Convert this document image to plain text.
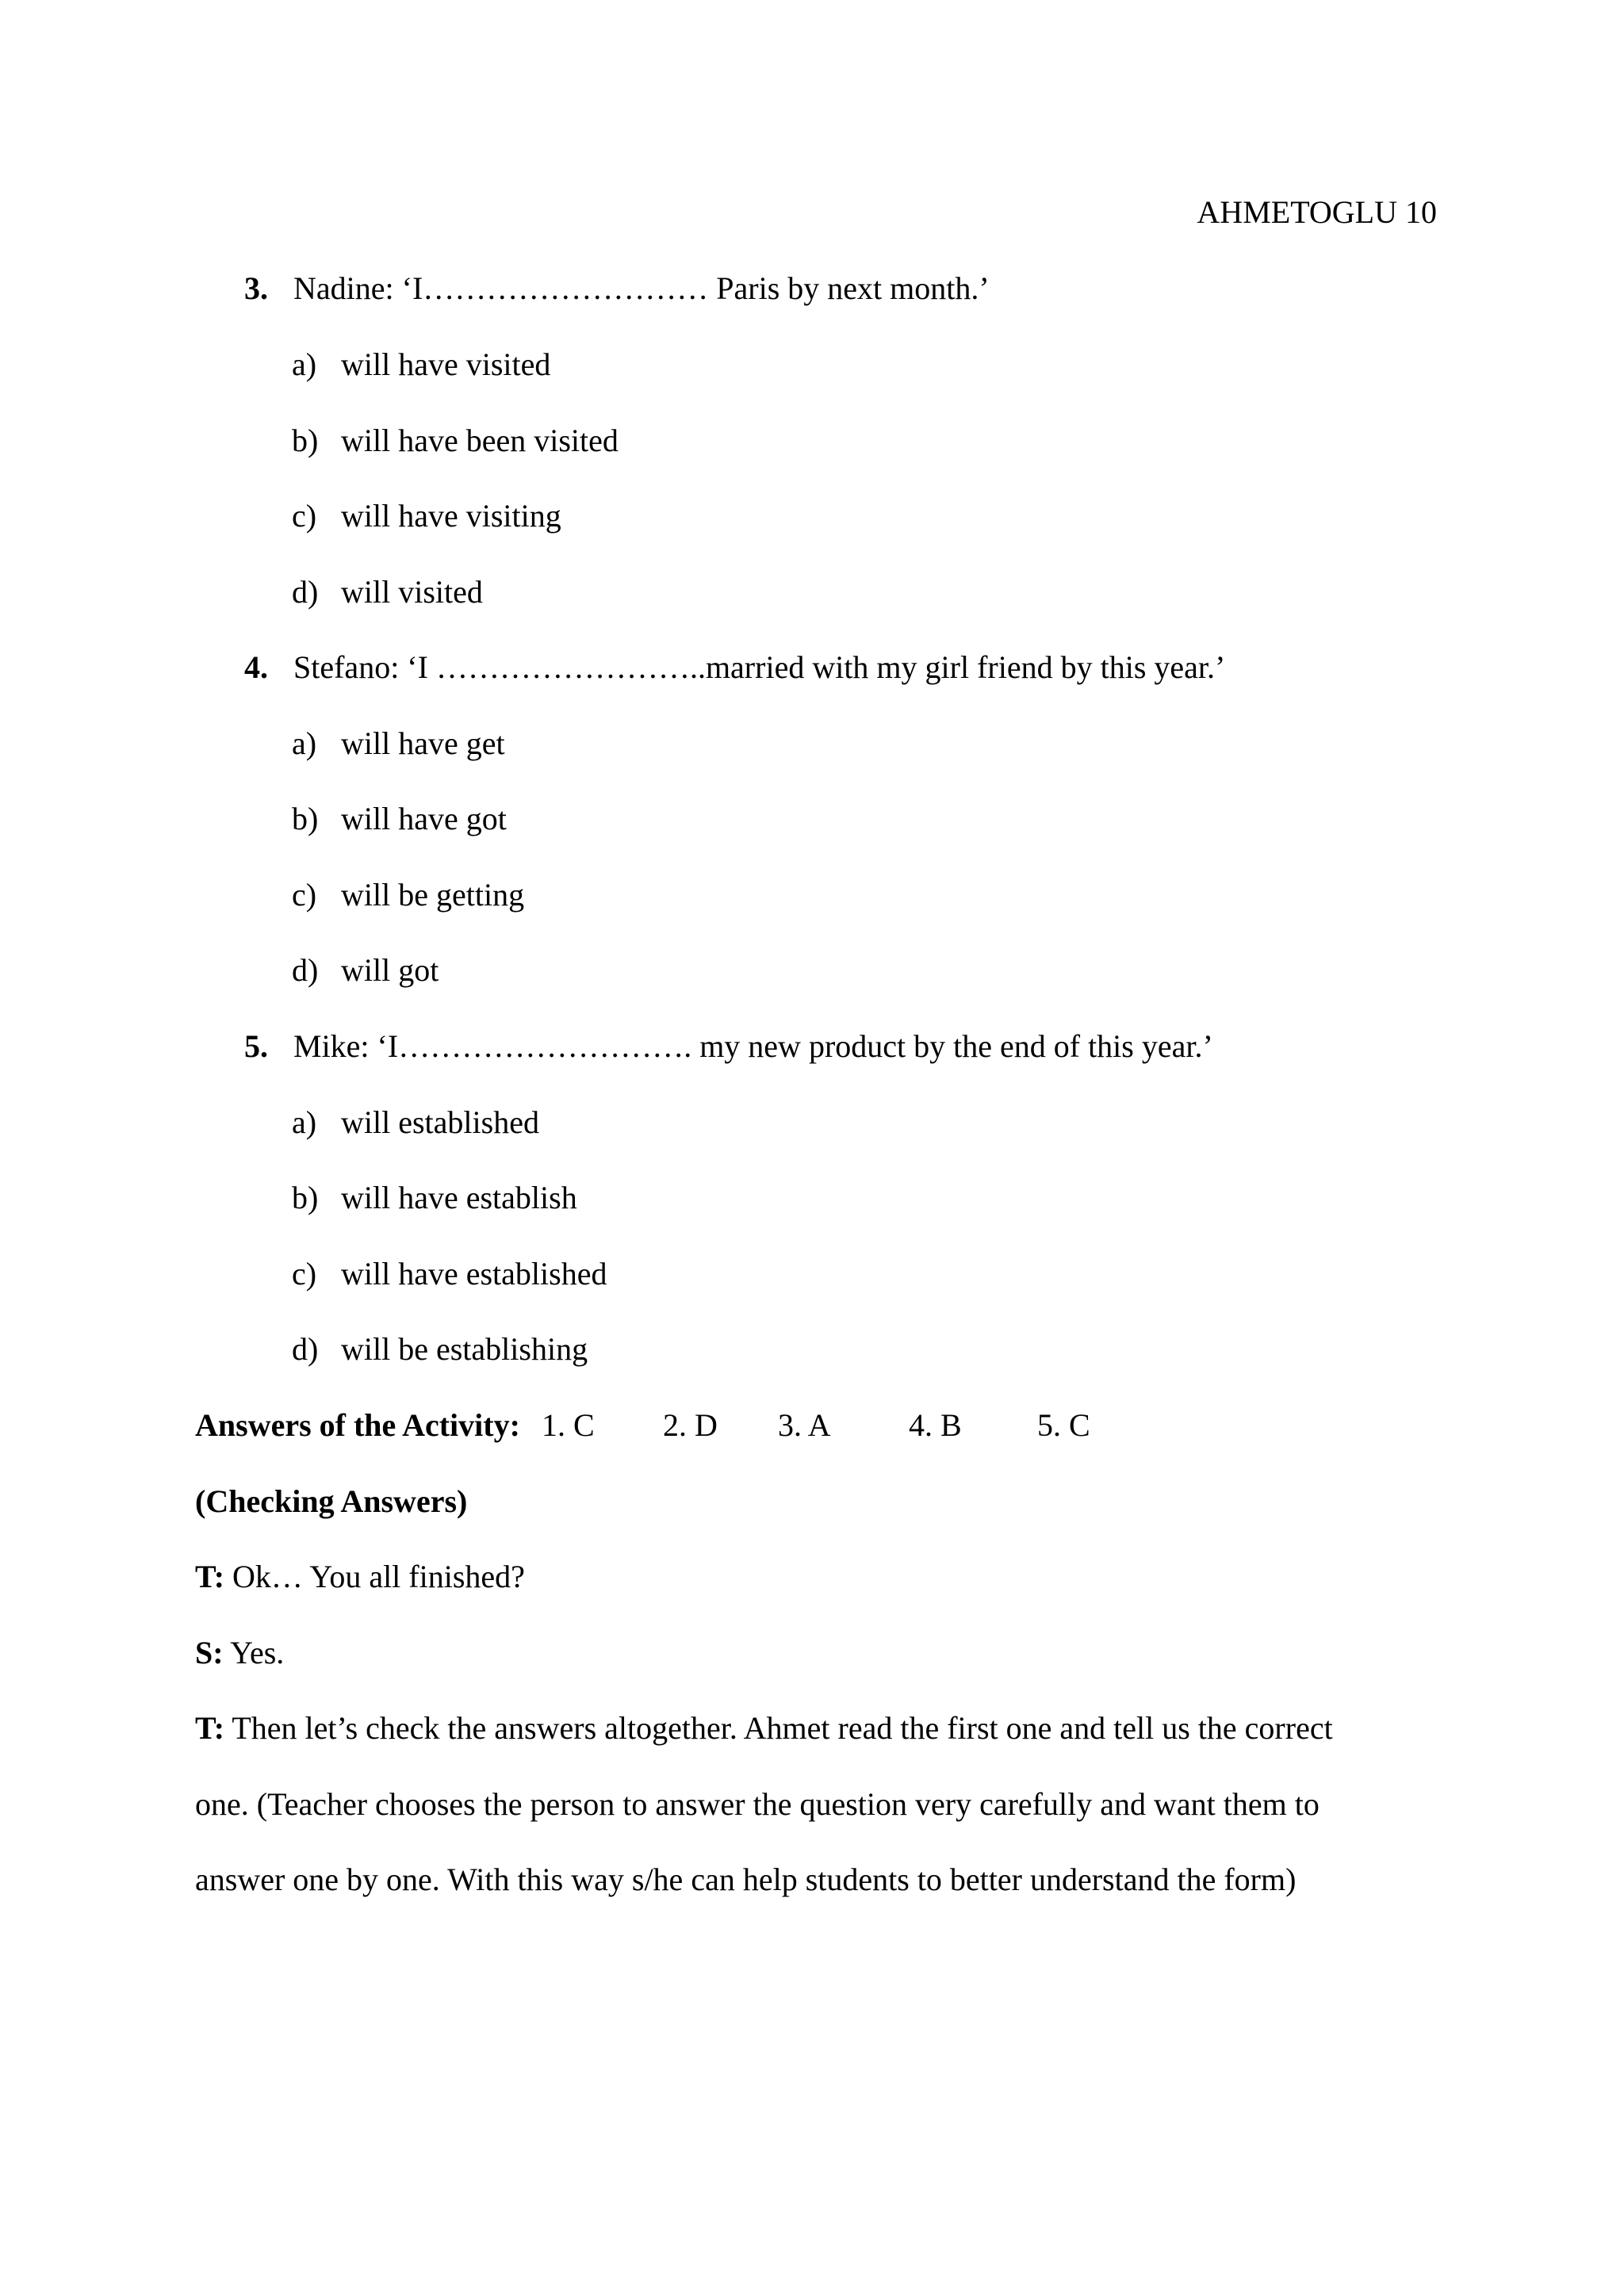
AHMETOGLU 10
3. Nadine: ‘I……………………… Paris by next month.’
a) will have visited
b) will have been visited
c) will have visiting
d) will visited
4. Stefano: ‘I ……………………..married with my girl friend by this year.’
a) will have get
b) will have got
c) will be getting
d) will got
5. Mike: ‘I………………………. my new product by the end of this year.’
a) will established
b) will have establish
c) will have established
d) will be establishing
Answers of the Activity: 1. C 2. D 3. A 4. B 5. C
(Checking Answers)
T: Ok… You all finished?
S: Yes.
T: Then let’s check the answers altogether. Ahmet read the first one and tell us the correct
one. (Teacher chooses the person to answer the question very carefully and want them to
answer one by one. With this way s/he can help students to better understand the form)
